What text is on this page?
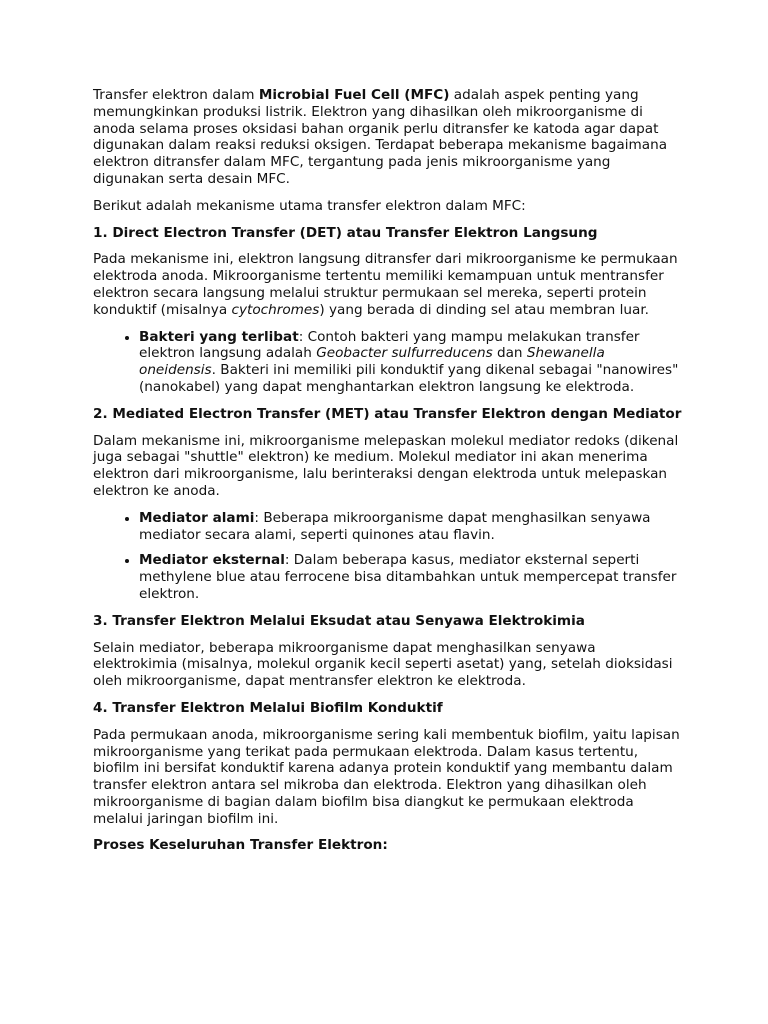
Transfer elektron dalam Microbial Fuel Cell (MFC) adalah aspek penting yang memungkinkan produksi listrik. Elektron yang dihasilkan oleh mikroorganisme di anoda selama proses oksidasi bahan organik perlu ditransfer ke katoda agar dapat digunakan dalam reaksi reduksi oksigen. Terdapat beberapa mekanisme bagaimana elektron ditransfer dalam MFC, tergantung pada jenis mikroorganisme yang digunakan serta desain MFC.

Berikut adalah mekanisme utama transfer elektron dalam MFC:

1. Direct Electron Transfer (DET) atau Transfer Elektron Langsung

Pada mekanisme ini, elektron langsung ditransfer dari mikroorganisme ke permukaan elektroda anoda. Mikroorganisme tertentu memiliki kemampuan untuk mentransfer elektron secara langsung melalui struktur permukaan sel mereka, seperti protein konduktif (misalnya cytochromes) yang berada di dinding sel atau membran luar.

• Bakteri yang terlibat: Contoh bakteri yang mampu melakukan transfer elektron langsung adalah Geobacter sulfurreducens dan Shewanella oneidensis. Bakteri ini memiliki pili konduktif yang dikenal sebagai "nanowires" (nanokabel) yang dapat menghantarkan elektron langsung ke elektroda.
2. Mediated Electron Transfer (MET) atau Transfer Elektron dengan Mediator

Dalam mekanisme ini, mikroorganisme melepaskan molekul mediator redoks (dikenal juga sebagai "shuttle" elektron) ke medium. Molekul mediator ini akan menerima elektron dari mikroorganisme, lalu berinteraksi dengan elektroda untuk melepaskan elektron ke anoda.

• Mediator alami: Beberapa mikroorganisme dapat menghasilkan senyawa mediator secara alami, seperti quinones atau flavin.
• Mediator eksternal: Dalam beberapa kasus, mediator eksternal seperti methylene blue atau ferrocene bisa ditambahkan untuk mempercepat transfer elektron.
3. Transfer Elektron Melalui Eksudat atau Senyawa Elektrokimia

Selain mediator, beberapa mikroorganisme dapat menghasilkan senyawa elektrokimia (misalnya, molekul organik kecil seperti asetat) yang, setelah dioksidasi oleh mikroorganisme, dapat mentransfer elektron ke elektroda.

4. Transfer Elektron Melalui Biofilm Konduktif

Pada permukaan anoda, mikroorganisme sering kali membentuk biofilm, yaitu lapisan mikroorganisme yang terikat pada permukaan elektroda. Dalam kasus tertentu, biofilm ini bersifat konduktif karena adanya protein konduktif yang membantu dalam transfer elektron antara sel mikroba dan elektroda. Elektron yang dihasilkan oleh mikroorganisme di bagian dalam biofilm bisa diangkut ke permukaan elektroda melalui jaringan biofilm ini.

Proses Keseluruhan Transfer Elektron:
